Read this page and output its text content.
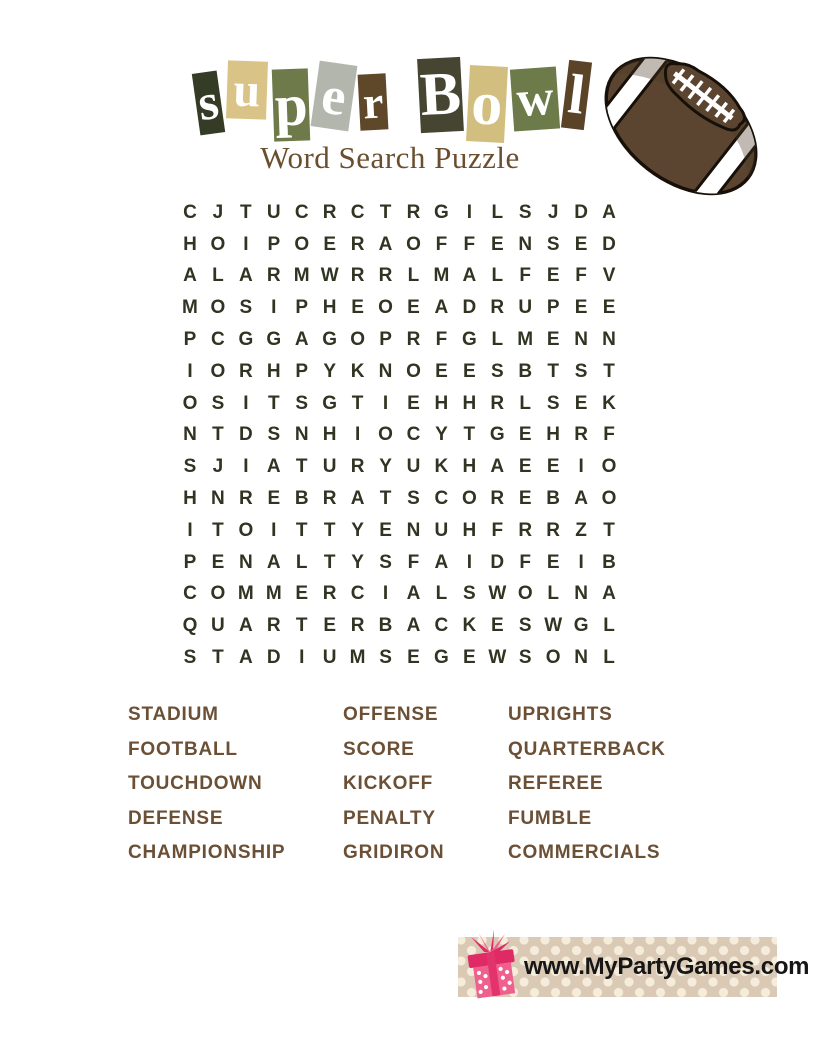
s u p e r B o w l
Word Search Puzzle
C J T U C R C T R G I	L S J D A
H O I P O E R A O F F E N S E D
A L A R M W R R L M A L F E F V
M O S I P H E O E A D R U P E E
P C G G A G O P R F G L M E N N
I O R H P Y K N O E E S B T S T
O S I	T S G T	I E H H R L S E K
N T D S N H I O C Y T G E H R F
S J	I A T U R Y U K H A E E I O
H N R E B R A T S C O R E B A O
I	T O I	T T Y E N U H F R R Z T
P E N A L T Y S F A I D F E I B
C O M M E R C I A L S W O L N A
Q U A R T E R B A C K E S W G L
S T A D I U M S E G E W S O N L
STADIUM
FOOTBALL
TOUCHDOWN
DEFENSE
CHAMPIONSHIP
OFFENSE
SCORE
KICKOFF
PENALTY
GRIDIRON
UPRIGHTS
QUARTERBACK
REFEREE
FUMBLE
COMMERCIALS
www.MyPartyGames.com
